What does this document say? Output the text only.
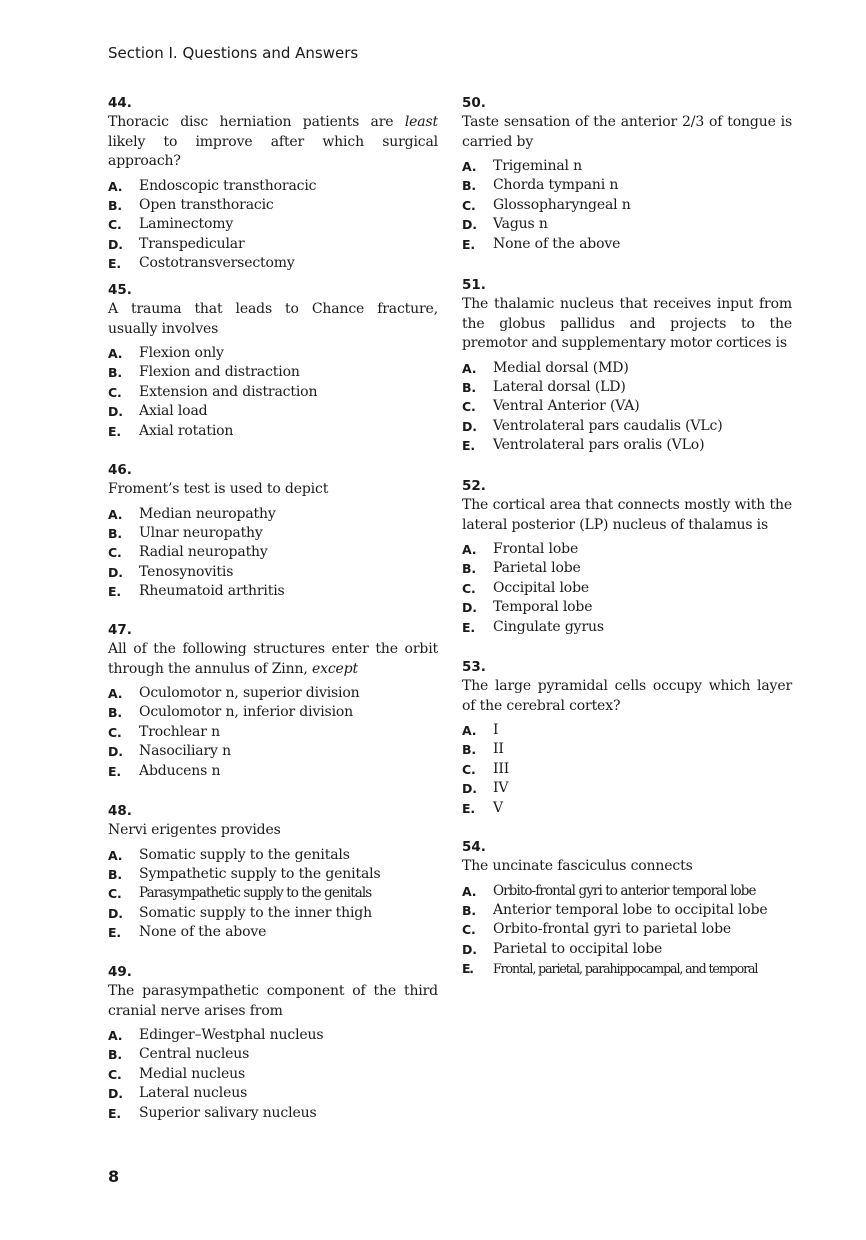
Section I. Questions and Answers
44.
Thoracic disc herniation patients are least likely to improve after which surgical approach?
A.	Endoscopic transthoracic
B.	Open transthoracic
C.	Laminectomy
D.	Transpedicular
E.	Costotransversectomy
45.
A trauma that leads to Chance fracture, usually involves
A.	Flexion only
B.	Flexion and distraction
C.	Extension and distraction
D.	Axial load
E.	Axial rotation
46.
Froment’s test is used to depict
A.	Median neuropathy
B.	Ulnar neuropathy
C.	Radial neuropathy
D.	Tenosynovitis
E.	Rheumatoid arthritis
47.
All of the following structures enter the orbit through the annulus of Zinn, except
A.	Oculomotor n, superior division
B.	Oculomotor n, inferior division
C.	Trochlear n
D.	Nasociliary n
E.	Abducens n
48.
Nervi erigentes provides
A.	Somatic supply to the genitals
B.	Sympathetic supply to the genitals
C.	Parasympathetic supply to the genitals
D.	Somatic supply to the inner thigh
E.	None of the above
49.
The parasympathetic component of the third cranial nerve arises from
A.	Edinger–Westphal nucleus
B.	Central nucleus
C.	Medial nucleus
D.	Lateral nucleus
E.	Superior salivary nucleus
50.
Taste sensation of the anterior 2/3 of tongue is carried by
A.	Trigeminal n
B.	Chorda tympani n
C.	Glossopharyngeal n
D.	Vagus n
E.	None of the above
51.
The thalamic nucleus that receives input from the globus pallidus and projects to the premotor and supplementary motor cortices is
A.	Medial dorsal (MD)
B.	Lateral dorsal (LD)
C.	Ventral Anterior (VA)
D.	Ventrolateral pars caudalis (VLc)
E.	Ventrolateral pars oralis (VLo)
52.
The cortical area that connects mostly with the lateral posterior (LP) nucleus of thalamus is
A.	Frontal lobe
B.	Parietal lobe
C.	Occipital lobe
D.	Temporal lobe
E.	Cingulate gyrus
53.
The large pyramidal cells occupy which layer of the cerebral cortex?
A.	I
B.	II
C.	III
D.	IV
E.	V
54.
The uncinate fasciculus connects
A.	Orbito-frontal gyri to anterior temporal lobe
B.	Anterior temporal lobe to occipital lobe
C.	Orbito-frontal gyri to parietal lobe
D.	Parietal to occipital lobe
E.	Frontal, parietal, parahippocampal, and temporal
8
